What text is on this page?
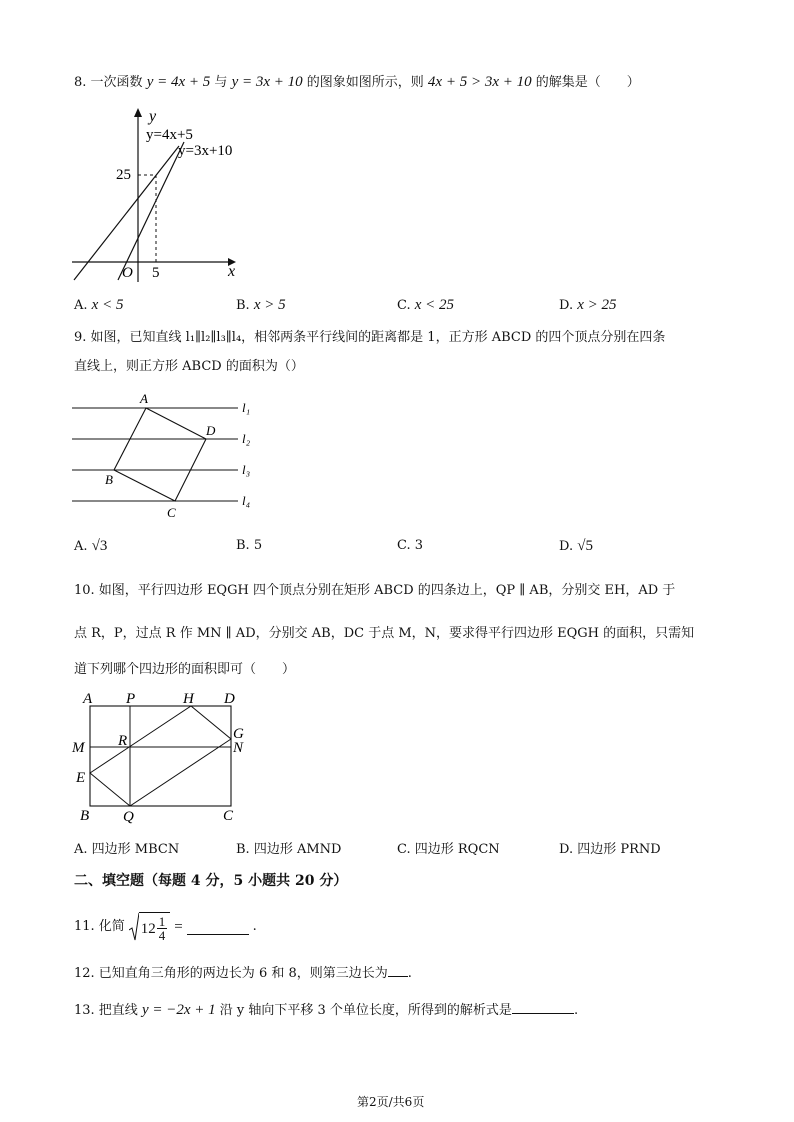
8. 一次函数 y = 4x + 5 与 y = 3x + 10 的图象如图所示，则 4x + 5 > 3x + 10 的解集是（　　）
y
y=4x+5
y=3x+10
25
O 5	x
A. x < 5	B. x > 5	C. x < 25	D. x > 25
9. 如图，已知直线 l₁∥l₂∥l₃∥l₄，相邻两条平行线间的距离都是 1，正方形 ABCD 的四个顶点分别在四条
直线上，则正方形 ABCD 的面积为（）
A
D
B
C
l₁
l₂
l₃
l₄
A. √3	B. 5	C. 3	D. √5
10. 如图，平行四边形 EQGH 四个顶点分别在矩形 ABCD 的四条边上，QP ∥ AB，分别交 EH，AD 于
点 R，P，过点 R 作 MN ∥ AD，分别交 AB，DC 于点 M，N，要求得平行四边形 EQGH 的面积，只需知
道下列哪个四边形的面积即可（　　）
A P	H D
M R	G
N
E
B Q	C
A. 四边形 MBCN	B. 四边形 AMND	C. 四边形 RQCN	D. 四边形 PRND
二、填空题（每题 4 分，5 小题共 20 分）
11. 化简 $12 \frac{1}{4}$ =	.
12. 已知直角三角形的两边长为 6 和 8，则第三边长为 .
13. 把直线 y = −2x + 1 沿 y 轴向下平移 3 个单位长度，所得到的解析式是	.
第2页/共6页
